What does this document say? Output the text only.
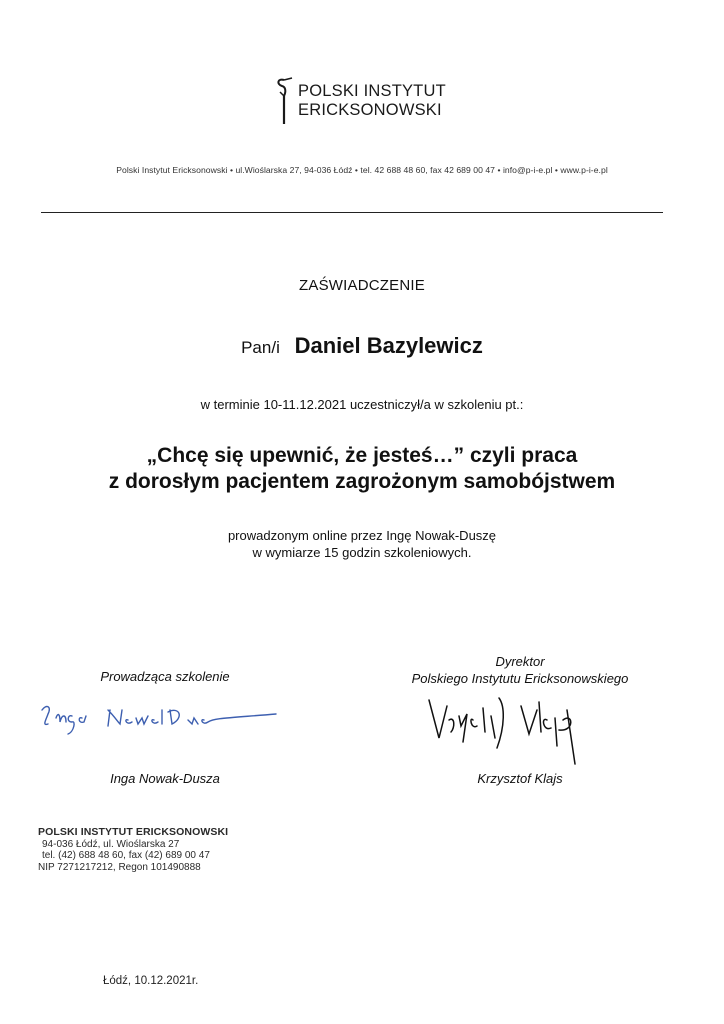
POLSKI INSTYTUT
ERICKSONOWSKI
Polski Instytut Ericksonowski • ul.Wioślarska 27, 94-036 Łódź • tel. 42 688 48 60, fax 42 689 00 47 • info@p-i-e.pl • www.p-i-e.pl
ZAŚWIADCZENIE
Pan/i Daniel Bazylewicz
w terminie 10-11.12.2021 uczestniczył/a w szkoleniu pt.:
„Chcę się upewnić, że jesteś…” czyli praca
z dorosłym pacjentem zagrożonym samobójstwem
prowadzonym online przez Ingę Nowak-Duszę
w wymiarze 15 godzin szkoleniowych.
Prowadząca szkolenie
Dyrektor
Polskiego Instytutu Ericksonowskiego
Inga Nowak-Dusza	Krzysztof Klajs
POLSKI INSTYTUT ERICKSONOWSKI
94-036 Łódź, ul. Wioślarska 27
tel. (42) 688 48 60, fax (42) 689 00 47
NIP 7271217212, Regon 101490888
Łódź, 10.12.2021r.
